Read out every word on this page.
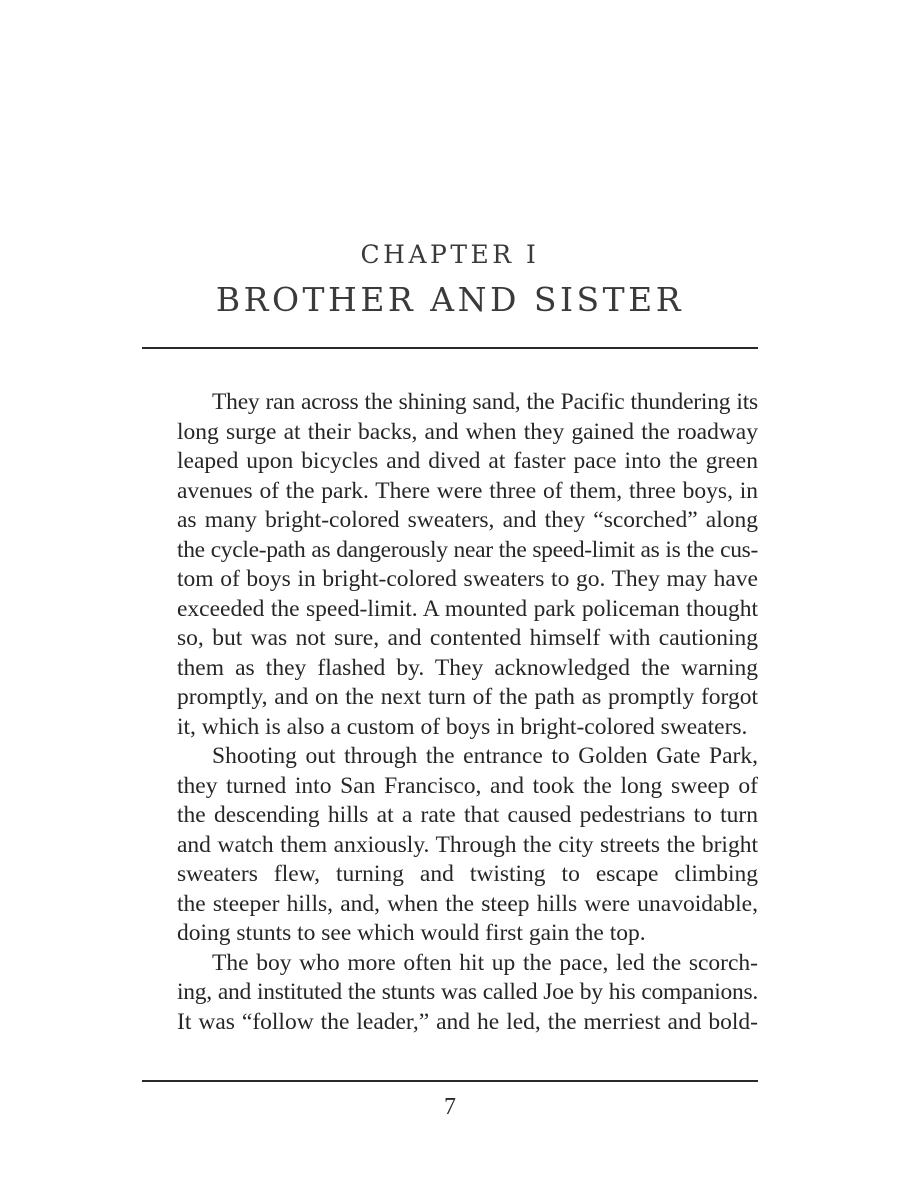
CHAPTER I
BROTHER AND SISTER
They ran across the shining sand, the Pacific thundering its
long surge at their backs, and when they gained the roadway
leaped upon bicycles and dived at faster pace into the green
avenues of the park. There were three of them, three boys, in
as many bright-colored sweaters, and they “scorched” along
the cycle-path as dangerously near the speed-limit as is the cus-
tom of boys in bright-colored sweaters to go. They may have
exceeded the speed-limit. A mounted park policeman thought
so, but was not sure, and contented himself with cautioning
them as they flashed by. They acknowledged the warning
promptly, and on the next turn of the path as promptly forgot
it, which is also a custom of boys in bright-colored sweaters.
Shooting out through the entrance to Golden Gate Park,
they turned into San Francisco, and took the long sweep of
the descending hills at a rate that caused pedestrians to turn
and watch them anxiously. Through the city streets the bright
sweaters flew, turning and twisting to escape climbing
the steeper hills, and, when the steep hills were unavoidable,
doing stunts to see which would first gain the top.
The boy who more often hit up the pace, led the scorch-
ing, and instituted the stunts was called Joe by his companions.
It was “follow the leader,” and he led, the merriest and bold-
7
